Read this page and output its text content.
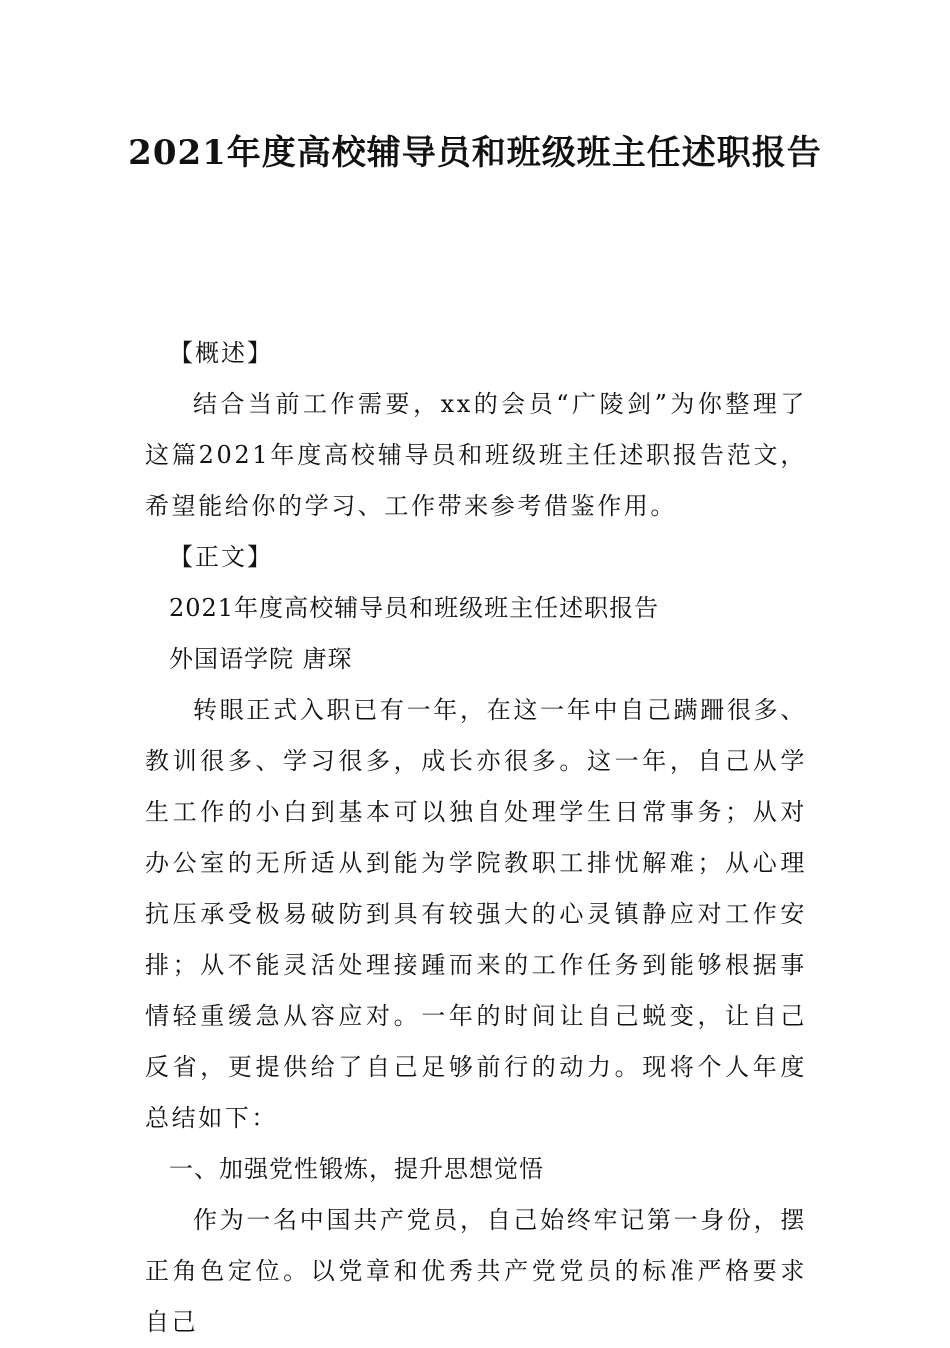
2021年度高校辅导员和班级班主任述职报告

【概述】

结合当前工作需要，xx的会员“广陵剑”为你整理了这篇2021年度高校辅导员和班级班主任述职报告范文，希望能给你的学习、工作带来参考借鉴作用。

【正文】

2021年度高校辅导员和班级班主任述职报告

外国语学院 唐琛

转眼正式入职已有一年，在这一年中自己蹒跚很多、教训很多、学习很多，成长亦很多。这一年，自己从学生工作的小白到基本可以独自处理学生日常事务；从对办公室的无所适从到能为学院教职工排忧解难；从心理抗压承受极易破防到具有较强大的心灵镇静应对工作安排；从不能灵活处理接踵而来的工作任务到能够根据事情轻重缓急从容应对。一年的时间让自己蜕变，让自己反省，更提供给了自己足够前行的动力。现将个人年度总结如下：

一、加强党性锻炼，提升思想觉悟

作为一名中国共产党员，自己始终牢记第一身份，摆正角色定位。以党章和优秀共产党党员的标准严格要求自己
